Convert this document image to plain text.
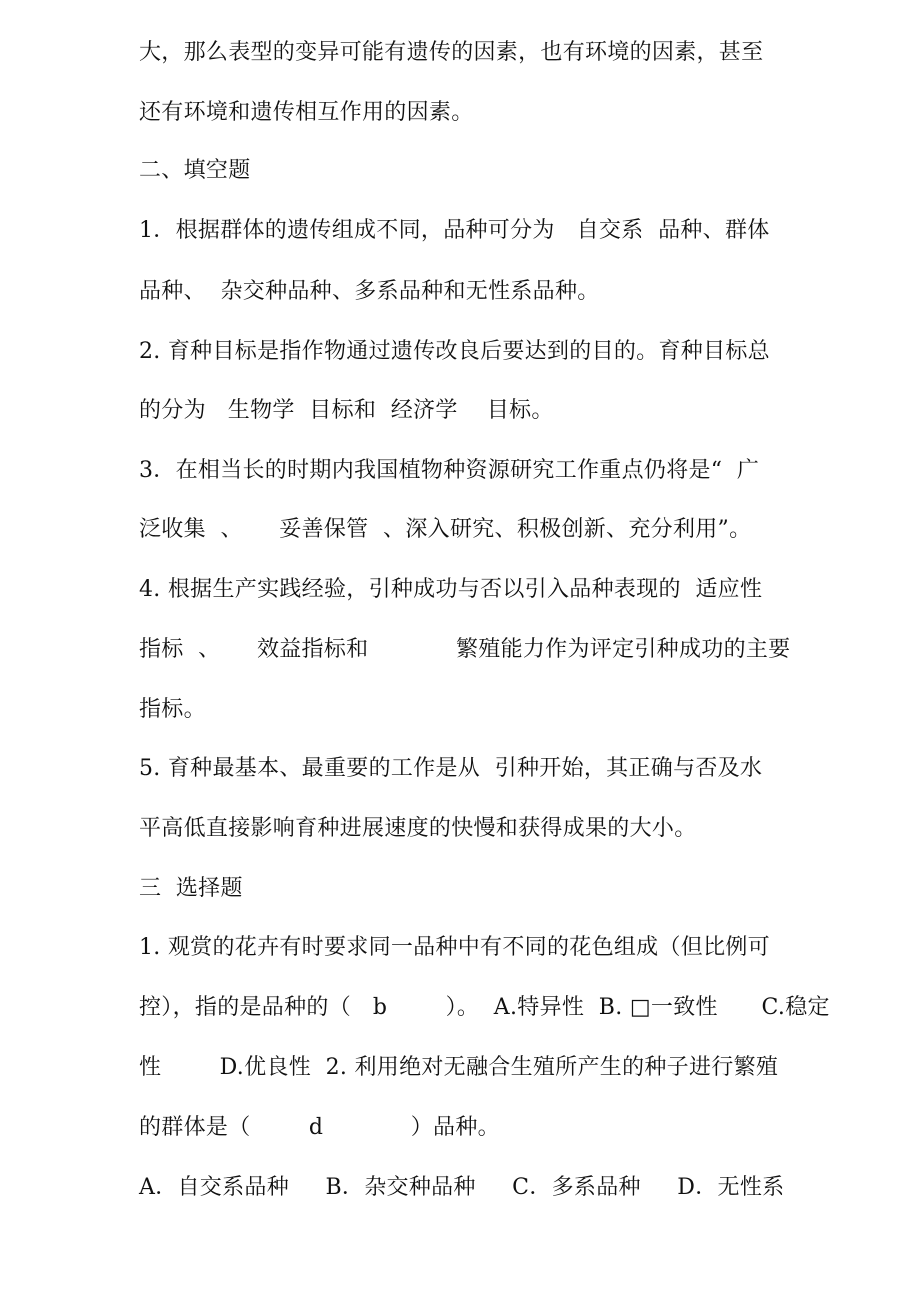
大，那么表型的变异可能有遗传的因素，也有环境的因素，甚至
还有环境和遗传相互作用的因素。
二、填空题
1．根据群体的遗传组成不同，品种可分为   自交系  品种、群体
品种、  杂交种品种、多系品种和无性系品种。
2. 育种目标是指作物通过遗传改良后要达到的目的。育种目标总
的分为   生物学  目标和  经济学    目标。
3．在相当长的时期内我国植物种资源研究工作重点仍将是“  广
泛收集  、     妥善保管  、深入研究、积极创新、充分利用”。
4. 根据生产实践经验，引种成功与否以引入品种表现的  适应性
指标  、     效益指标和            繁殖能力作为评定引种成功的主要
指标。
5. 育种最基本、最重要的工作是从  引种开始，其正确与否及水
平高低直接影响育种进展速度的快慢和获得成果的大小。
三  选择题
1. 观赏的花卉有时要求同一品种中有不同的花色组成（但比例可
控），指的是品种的（   b        ）。  A.特异性  B. □一致性      C.稳定
性        D.优良性  2. 利用绝对无融合生殖所产生的种子进行繁殖
的群体是（        d            ）品种。
A．自交系品种     B．杂交种品种     C．多系品种     D．无性系
